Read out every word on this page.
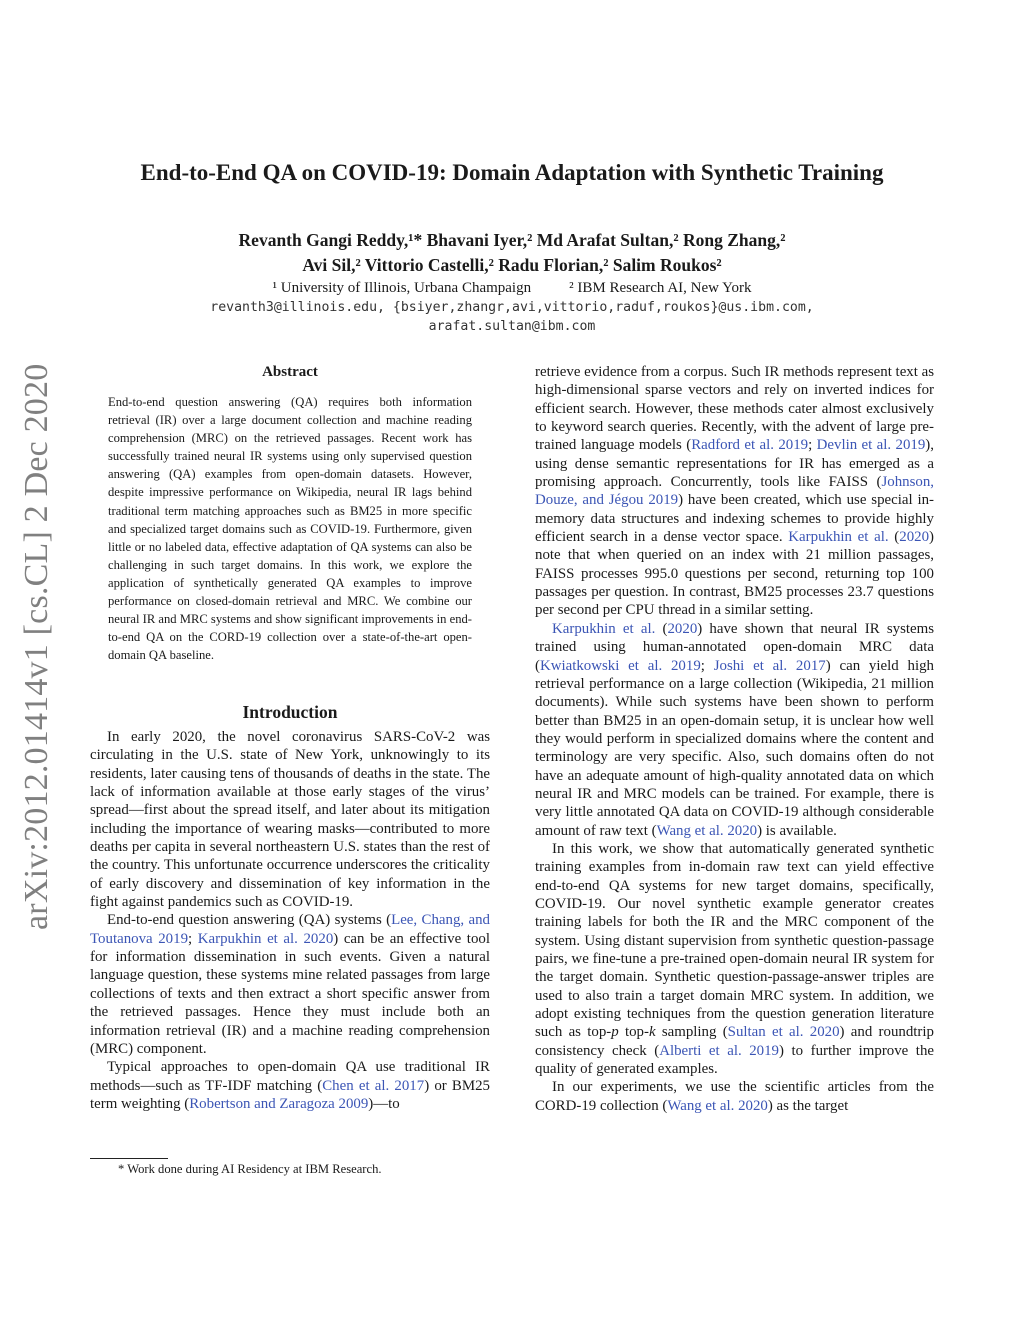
arXiv:2012.01414v1 [cs.CL] 2 Dec 2020
End-to-End QA on COVID-19: Domain Adaptation with Synthetic Training
Revanth Gangi Reddy,¹* Bhavani Iyer,² Md Arafat Sultan,² Rong Zhang,²
Avi Sil,² Vittorio Castelli,² Radu Florian,² Salim Roukos²
¹ University of Illinois, Urbana Champaign	² IBM Research AI, New York
revanth3@illinois.edu, {bsiyer,zhangr,avi,vittorio,raduf,roukos}@us.ibm.com,
arafat.sultan@ibm.com
Abstract
End-to-end question answering (QA) requires both information retrieval (IR) over a large document collection and machine reading comprehension (MRC) on the retrieved passages. Recent work has successfully trained neural IR systems using only supervised question answering (QA) examples from open-domain datasets. However, despite impressive performance on Wikipedia, neural IR lags behind traditional term matching approaches such as BM25 in more specific and specialized target domains such as COVID-19. Furthermore, given little or no labeled data, effective adaptation of QA systems can also be challenging in such target domains. In this work, we explore the application of synthetically generated QA examples to improve performance on closed-domain retrieval and MRC. We combine our neural IR and MRC systems and show significant improvements in end-to-end QA on the CORD-19 collection over a state-of-the-art open-domain QA baseline.
Introduction

In early 2020, the novel coronavirus SARS-CoV-2 was circulating in the U.S. state of New York, unknowingly to its residents, later causing tens of thousands of deaths in the state. The lack of information available at those early stages of the virus’ spread—first about the spread itself, and later about its mitigation including the importance of wearing masks—contributed to more deaths per capita in several northeastern U.S. states than the rest of the country. This unfortunate occurrence underscores the criticality of early discovery and dissemination of key information in the fight against pandemics such as COVID-19.

End-to-end question answering (QA) systems (Lee, Chang, and Toutanova 2019; Karpukhin et al. 2020) can be an effective tool for information dissemination in such events. Given a natural language question, these systems mine related passages from large collections of texts and then extract a short specific answer from the retrieved passages. Hence they must include both an information retrieval (IR) and a machine reading comprehension (MRC) component.

Typical approaches to open-domain QA use traditional IR methods—such as TF-IDF matching (Chen et al. 2017) or BM25 term weighting (Robertson and Zaragoza 2009)—to

* Work done during AI Residency at IBM Research.

retrieve evidence from a corpus. Such IR methods represent text as high-dimensional sparse vectors and rely on inverted indices for efficient search. However, these methods cater almost exclusively to keyword search queries. Recently, with the advent of large pre-trained language models (Radford et al. 2019; Devlin et al. 2019), using dense semantic representations for IR has emerged as a promising approach. Concurrently, tools like FAISS (Johnson, Douze, and Jégou 2019) have been created, which use special in-memory data structures and indexing schemes to provide highly efficient search in a dense vector space. Karpukhin et al. (2020) note that when queried on an index with 21 million passages, FAISS processes 995.0 questions per second, returning top 100 passages per question. In contrast, BM25 processes 23.7 questions per second per CPU thread in a similar setting.

Karpukhin et al. (2020) have shown that neural IR systems trained using human-annotated open-domain MRC data (Kwiatkowski et al. 2019; Joshi et al. 2017) can yield high retrieval performance on a large collection (Wikipedia, 21 million documents). While such systems have been shown to perform better than BM25 in an open-domain setup, it is unclear how well they would perform in specialized domains where the content and terminology are very specific. Also, such domains often do not have an adequate amount of high-quality annotated data on which neural IR and MRC models can be trained. For example, there is very little annotated QA data on COVID-19 although considerable amount of raw text (Wang et al. 2020) is available.

In this work, we show that automatically generated synthetic training examples from in-domain raw text can yield effective end-to-end QA systems for new target domains, specifically, COVID-19. Our novel synthetic example generator creates training labels for both the IR and the MRC component of the system. Using distant supervision from synthetic question-passage pairs, we fine-tune a pre-trained open-domain neural IR system for the target domain. Synthetic question-passage-answer triples are used to also train a target domain MRC system. In addition, we adopt existing techniques from the question generation literature such as top-p top-k sampling (Sultan et al. 2020) and roundtrip consistency check (Alberti et al. 2019) to further improve the quality of generated examples.

In our experiments, we use the scientific articles from the CORD-19 collection (Wang et al. 2020) as the target
